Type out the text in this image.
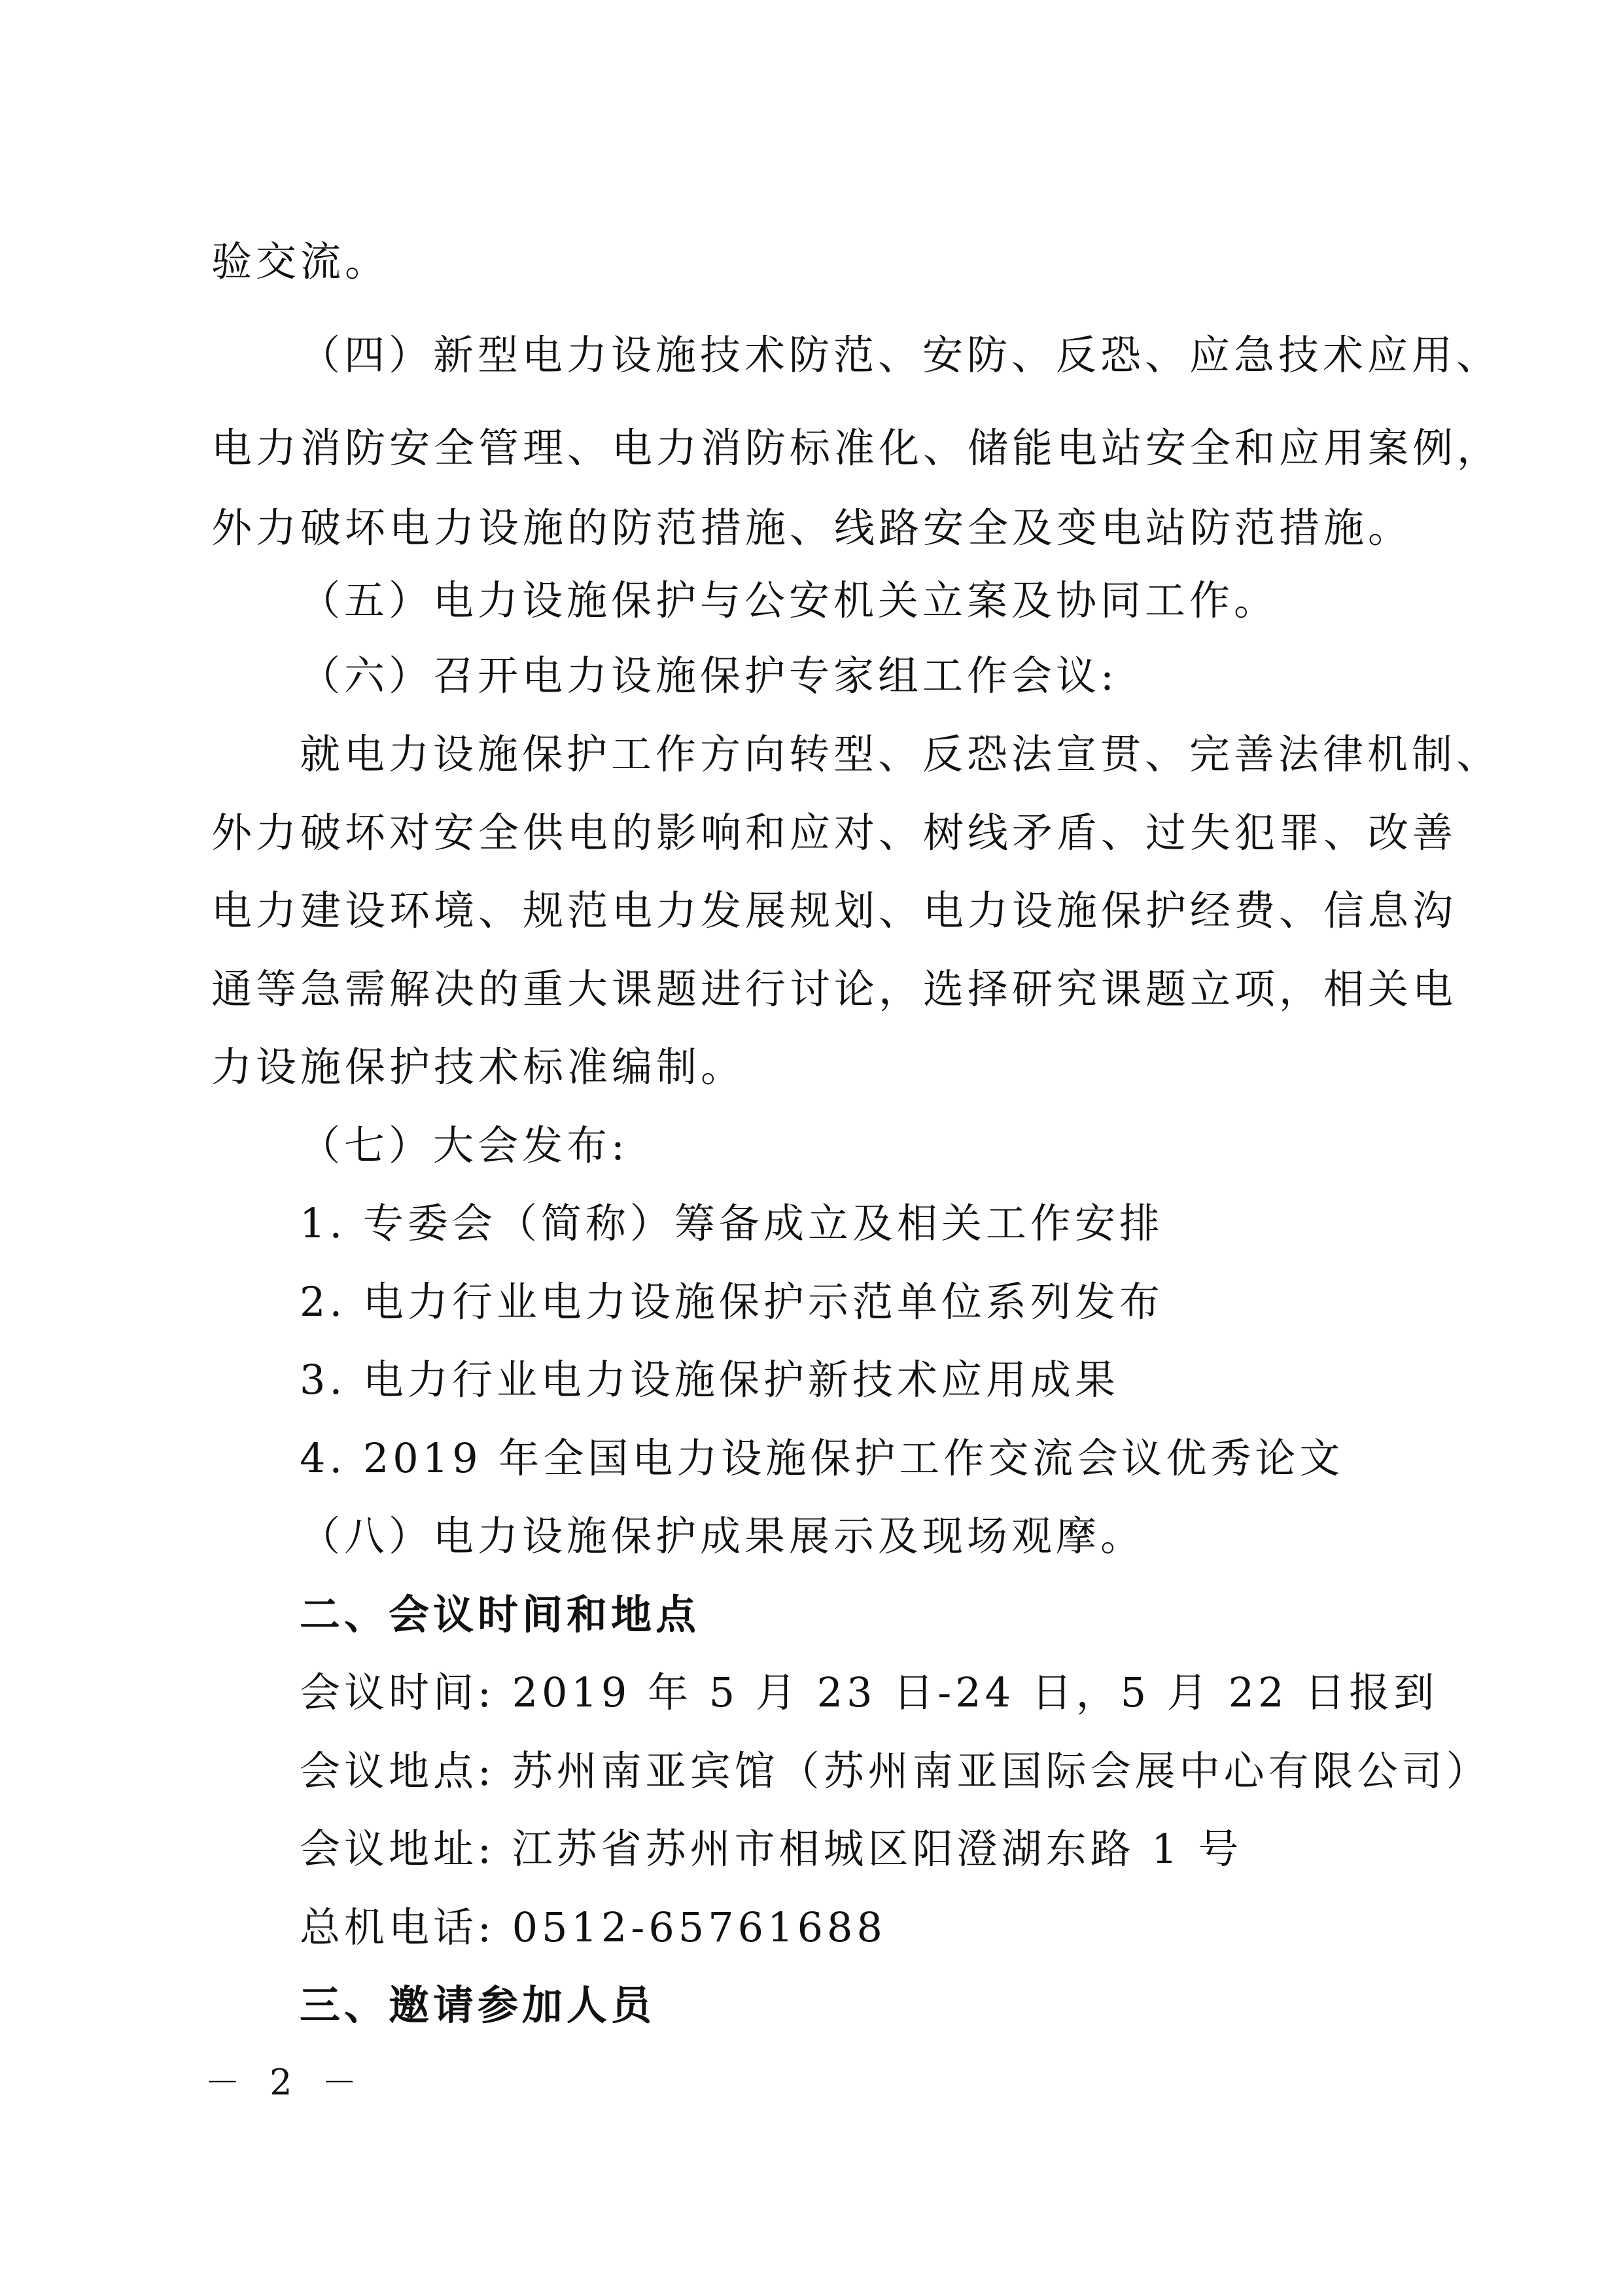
验交流。
（四）新型电力设施技术防范、安防、反恐、应急技术应用、
电力消防安全管理、电力消防标准化、储能电站安全和应用案例，
外力破坏电力设施的防范措施、线路安全及变电站防范措施。
（五）电力设施保护与公安机关立案及协同工作。
（六）召开电力设施保护专家组工作会议:
就电力设施保护工作方向转型、反恐法宣贯、完善法律机制、
外力破坏对安全供电的影响和应对、树线矛盾、过失犯罪、改善
电力建设环境、规范电力发展规划、电力设施保护经费、信息沟
通等急需解决的重大课题进行讨论，选择研究课题立项，相关电
力设施保护技术标准编制。
（七）大会发布:
1. 专委会（简称）筹备成立及相关工作安排
2. 电力行业电力设施保护示范单位系列发布
3. 电力行业电力设施保护新技术应用成果
4. 2019 年全国电力设施保护工作交流会议优秀论文
（八）电力设施保护成果展示及现场观摩。
二、会议时间和地点
会议时间: 2019 年 5 月 23 日-24 日，5 月 22 日报到
会议地点: 苏州南亚宾馆（苏州南亚国际会展中心有限公司）
会议地址: 江苏省苏州市相城区阳澄湖东路 1 号
总机电话: 0512-65761688
三、邀请参加人员
－ 2 －
